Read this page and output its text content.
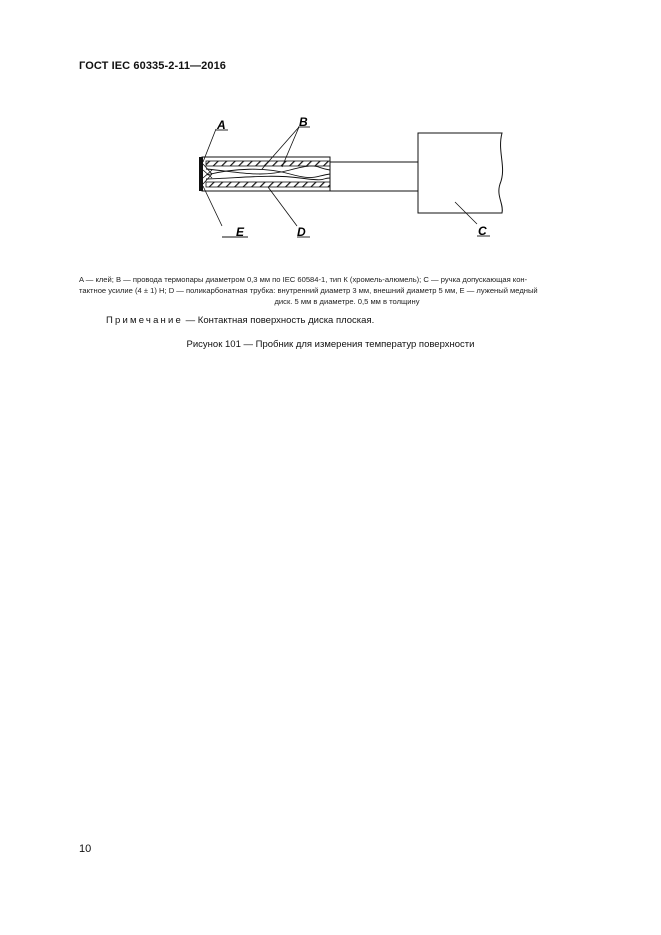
ГОСТ IEC 60335-2-11—2016
A	B
E	D	C
A — клей; B — провода термопары диаметром 0,3 мм по IEC 60584-1, тип К (хромель-алюмель); C — ручка допускающая кон-
тактное усилие (4 ± 1) Н; D — поликарбонатная трубка: внутренний диаметр 3 мм, внешний диаметр 5 мм, Е — луженый медный

диск. 5 мм в диаметре. 0,5 мм в толщину
Примечание — Контактная поверхность диска плоская.
Рисунок 101 — Пробник для измерения температур поверхности
10
